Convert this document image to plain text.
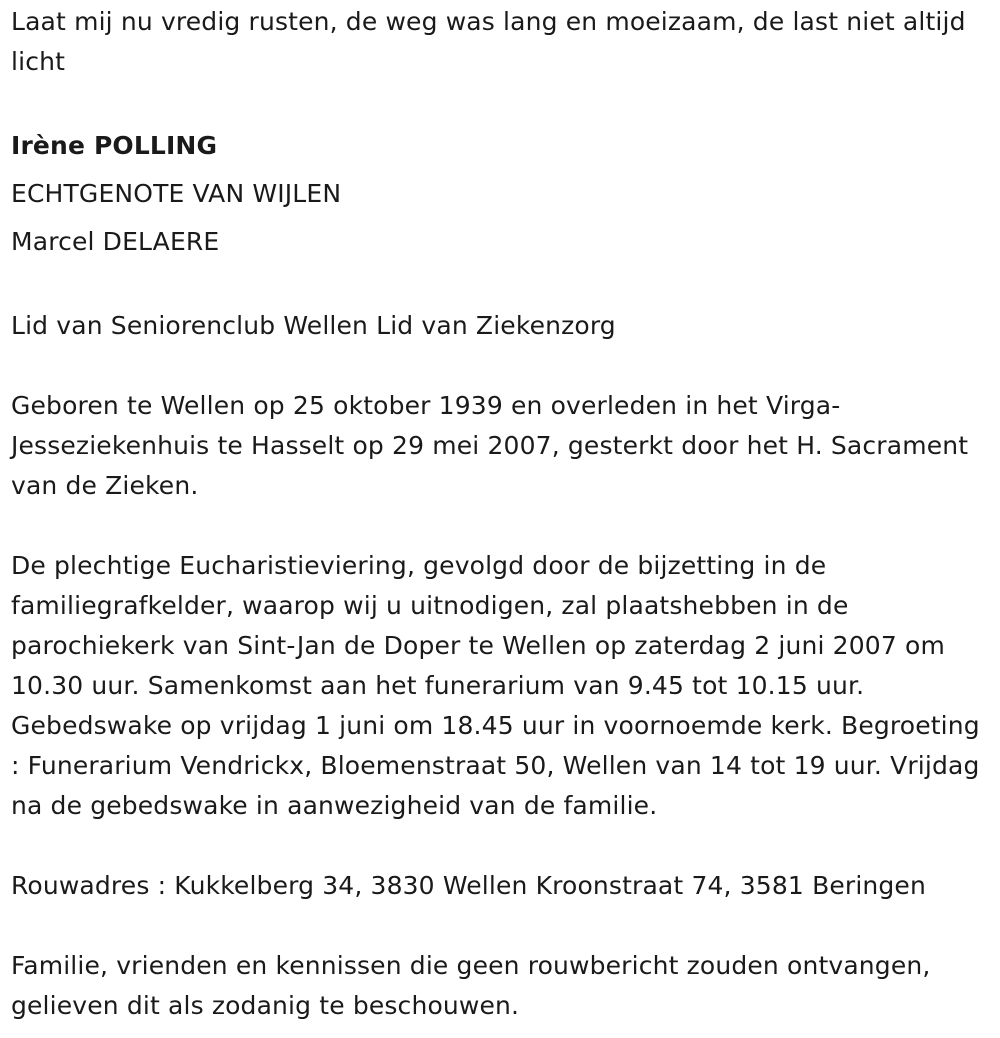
Laat mij nu vredig rusten, de weg was lang en moeizaam, de last niet altijd licht

Irène POLLING

ECHTGENOTE VAN WIJLEN

Marcel DELAERE

Lid van Seniorenclub Wellen Lid van Ziekenzorg

Geboren te Wellen op 25 oktober 1939 en overleden in het Virga-Jesseziekenhuis te Hasselt op 29 mei 2007, gesterkt door het H. Sacrament van de Zieken.

De plechtige Eucharistieviering, gevolgd door de bijzetting in de familiegrafkelder, waarop wij u uitnodigen, zal plaatshebben in de parochiekerk van Sint-Jan de Doper te Wellen op zaterdag 2 juni 2007 om 10.30 uur. Samenkomst aan het funerarium van 9.45 tot 10.15 uur. Gebedswake op vrijdag 1 juni om 18.45 uur in voornoemde kerk. Begroeting : Funerarium Vendrickx, Bloemenstraat 50, Wellen van 14 tot 19 uur. Vrijdag na de gebedswake in aanwezigheid van de familie.

Rouwadres : Kukkelberg 34, 3830 Wellen Kroonstraat 74, 3581 Beringen

Familie, vrienden en kennissen die geen rouwbericht zouden ontvangen, gelieven dit als zodanig te beschouwen.
